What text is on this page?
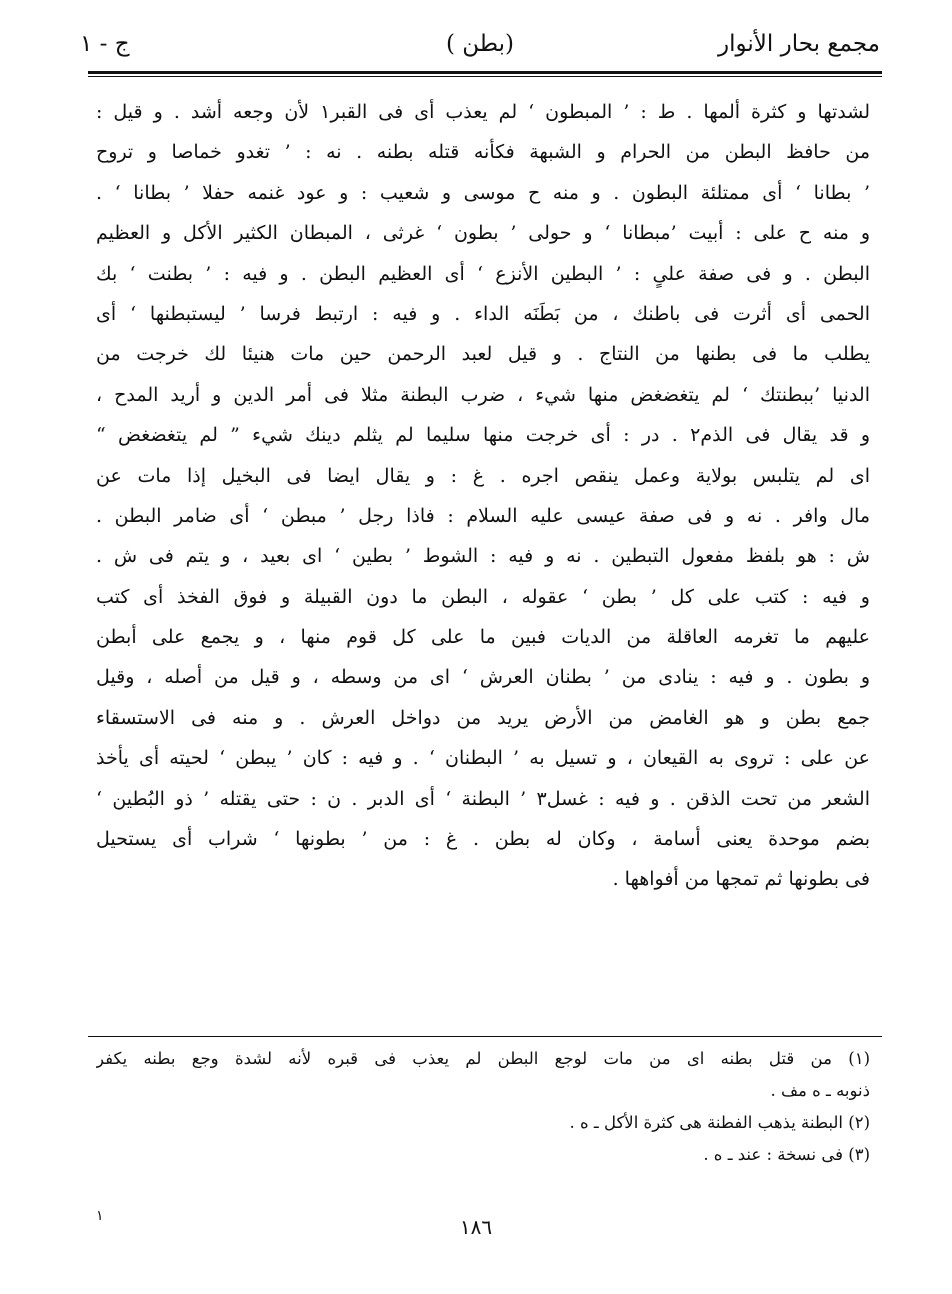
مجمع بحار الأنوار
(بطن )
ج - ١
لشدتها و كثرة ألمها . ط : ’ المبطون ‘ لم يعذب أى فى القبر١ لأن وجعه أشد . و قيل :
من حافظ البطن من الحرام و الشبهة فكأنه قتله بطنه . نه : ’ تغدو خماصا و تروح
’ بطانا ‘ أى ممتلئة البطون . و منه ح موسى و شعيب : و عود غنمه حفلا ’ بطانا ‘ .
و منه ح على : أبيت ’مبطانا ‘ و حولى ’ بطون ‘ غرثى ، المبطان الكثير الأكل و العظيم
البطن . و فى صفة علىٍ : ’ البطين الأنزع ‘ أى العظيم البطن . و فيه : ’ بطنت ‘ بك
الحمى أى أثرت فى باطنك ، من بَطَنَه الداء . و فيه : ارتبط فرسا ’ ليستبطنها ‘ أى
يطلب ما فى بطنها من النتاج . و قيل لعبد الرحمن حين مات هنيئا لك خرجت من
الدنيا ’ببطنتك ‘ لم يتغضغض منها شيء ، ضرب البطنة مثلا فى أمر الدين و أريد المدح ،
و قد يقال فى الذم٢ . در : أى خرجت منها سليما لم يثلم دينك شيء ” لم يتغضغض “
اى لم يتلبس بولاية وعمل ينقص اجره . غ : و يقال ايضا فى البخيل إذا مات عن
مال وافر . نه و فى صفة عيسى عليه السلام : فاذا رجل ’ مبطن ‘ أى ضامر البطن .
ش : هو بلفظ مفعول التبطين . نه و فيه : الشوط ’ بطين ‘ اى بعيد ، و يتم فى ش .
و فيه : كتب على كل ’ بطن ‘ عقوله ، البطن ما دون القبيلة و فوق الفخذ أى كتب
عليهم ما تغرمه العاقلة من الديات فبين ما على كل قوم منها ، و يجمع على أبطن
و بطون . و فيه : ينادى من ’ بطنان العرش ‘ اى من وسطه ، و قيل من أصله ، وقيل
جمع بطن و هو الغامض من الأرض يريد من دواخل العرش . و منه فى الاستسقاء
عن على : تروى به القيعان ، و تسيل به ’ البطنان ‘ . و فيه : كان ’ يبطن ‘ لحيته أى يأخذ
الشعر من تحت الذقن . و فيه : غسل٣ ’ البطنة ‘ أى الدبر . ن : حتى يقتله ’ ذو البُطين ‘
بضم موحدة يعنى أسامة ، وكان له بطن . غ : من ’ بطونها ‘ شراب أى يستحيل
فى بطونها ثم تمجها من أفواهها .
(١) من قتل بطنه اى من مات لوجع البطن لم يعذب فى قبره لأنه لشدة وجع بطنه يكفر
ذنوبه ـ ه مف .
(٢) البطنة يذهب الفطنة هى كثرة الأكل ـ ه .
(٣) فى نسخة : عند ـ ه .
١	١٨٦
